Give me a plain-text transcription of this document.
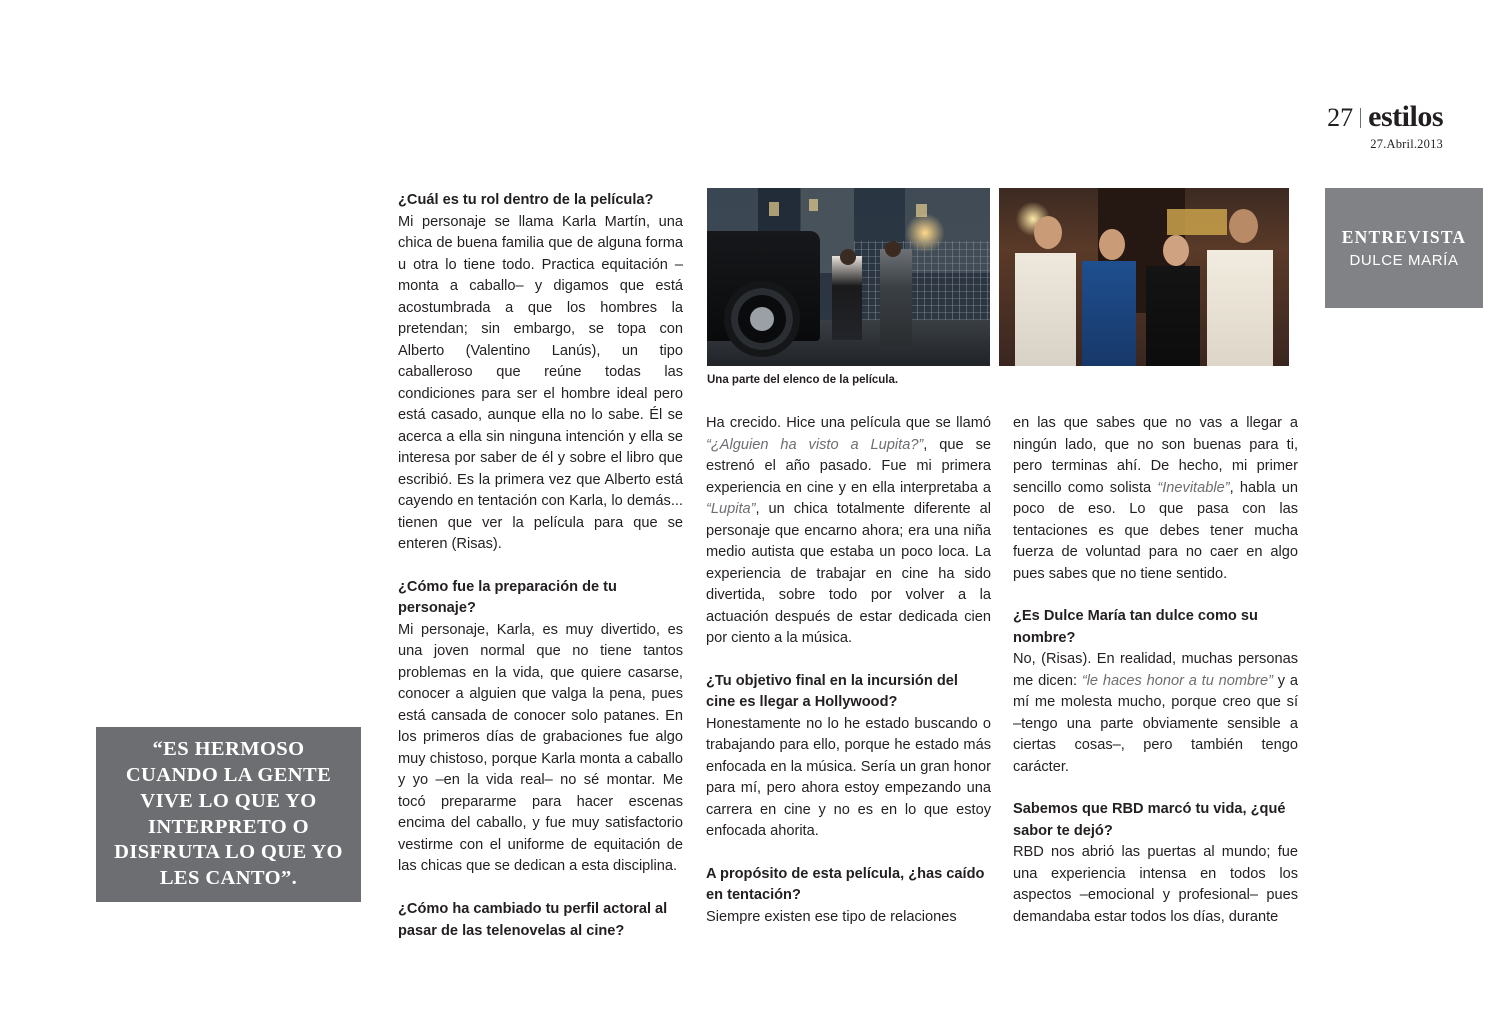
27 estilos
27.Abril.2013
ENTREVISTA
DULCE MARÍA

“ES HERMOSO CUANDO LA GENTE VIVE LO QUE YO INTERPRETO O DISFRUTA LO QUE YO LES CANTO”.

Una parte del elenco de la película.

¿Cuál es tu rol dentro de la película?

Mi personaje se llama Karla Martín, una chica de buena familia que de alguna forma u otra lo tiene todo. Practica equitación –monta a caballo– y digamos que está acostumbrada a que los hombres la pretendan; sin embargo, se topa con Alberto (Valentino Lanús), un tipo caballeroso que reúne todas las condiciones para ser el hombre ideal pero está casado, aunque ella no lo sabe. Él se acerca a ella sin ninguna intención y ella se interesa por saber de él y sobre el libro que escribió. Es la primera vez que Alberto está cayendo en tentación con Karla, lo demás... tienen que ver la película para que se enteren (Risas).

¿Cómo fue la preparación de tu personaje?

Mi personaje, Karla, es muy divertido, es una joven normal que no tiene tantos problemas en la vida, que quiere casarse, conocer a alguien que valga la pena, pues está cansada de conocer solo patanes. En los primeros días de grabaciones fue algo muy chistoso, porque Karla monta a caballo y yo –en la vida real– no sé montar. Me tocó prepararme para hacer escenas encima del caballo, y fue muy satisfactorio vestirme con el uniforme de equitación de las chicas que se dedican a esta disciplina.

¿Cómo ha cambiado tu perfil actoral al pasar de las telenovelas al cine?

Ha crecido. Hice una película que se llamó “¿Alguien ha visto a Lupita?”, que se estrenó el año pasado. Fue mi primera experiencia en cine y en ella interpretaba a “Lupita”, un chica totalmente diferente al personaje que encarno ahora; era una niña medio autista que estaba un poco loca. La experiencia de trabajar en cine ha sido divertida, sobre todo por volver a la actuación después de estar dedicada cien por ciento a la música.

¿Tu objetivo final en la incursión del cine es llegar a Hollywood?

Honestamente no lo he estado buscando o trabajando para ello, porque he estado más enfocada en la música. Sería un gran honor para mí, pero ahora estoy empezando una carrera en cine y no es en lo que estoy enfocada ahorita.

A propósito de esta película, ¿has caído en tentación?

Siempre existen ese tipo de relaciones

en las que sabes que no vas a llegar a ningún lado, que no son buenas para ti, pero terminas ahí. De hecho, mi primer sencillo como solista “Inevitable”, habla un poco de eso. Lo que pasa con las tentaciones es que debes tener mucha fuerza de voluntad para no caer en algo pues sabes que no tiene sentido.

¿Es Dulce María tan dulce como su nombre?

No, (Risas). En realidad, muchas personas me dicen: “le haces honor a tu nombre” y a mí me molesta mucho, porque creo que sí –tengo una parte obviamente sensible a ciertas cosas–, pero también tengo carácter.

Sabemos que RBD marcó tu vida, ¿qué sabor te dejó?

RBD nos abrió las puertas al mundo; fue una experiencia intensa en todos los aspectos –emocional y profesional– pues demandaba estar todos los días, durante
